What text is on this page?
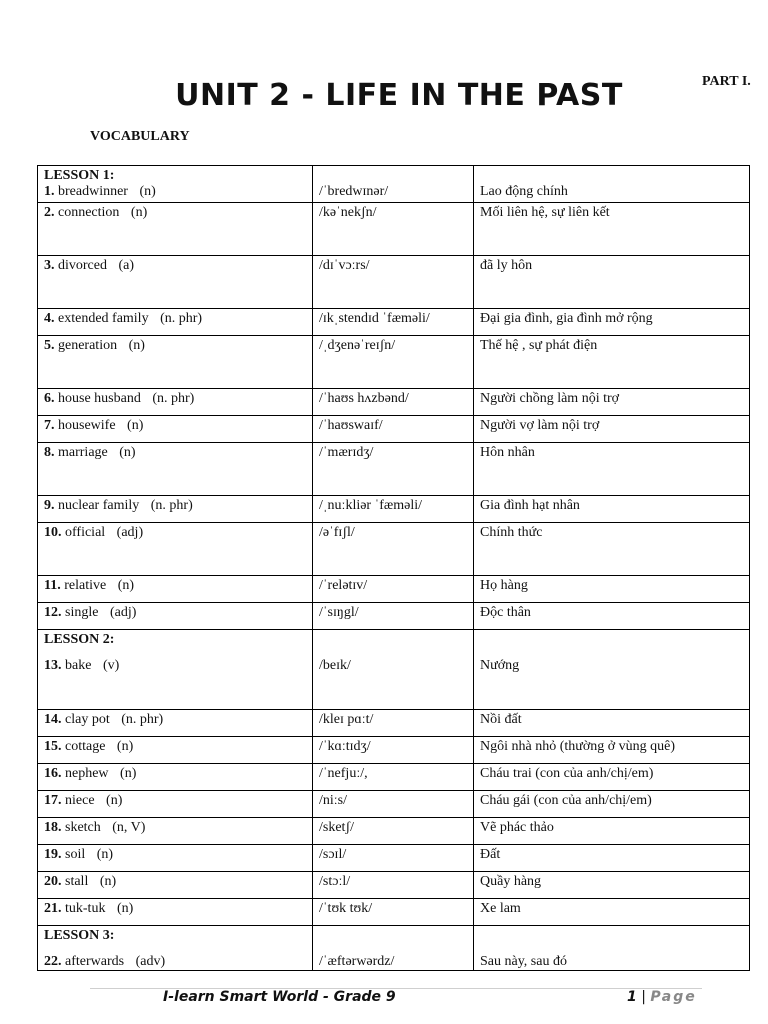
PART I.
UNIT 2 - LIFE IN THE PAST
VOCABULARY
LESSON 1:
1. breadwinner (n)	/ˈbredwɪnər/	Lao động chính

2. connection (n)	/kəˈnekʃn/	Mối liên hệ, sự liên kết

3. divorced (a)	/dɪˈvɔːrs/	đã ly hôn

4. extended family (n. phr)	/ɪkˌstendɪd ˈfæməli/	Đại gia đình, gia đình mở rộng

5. generation (n)	/ˌdʒenəˈreɪʃn/	Thế hệ , sự phát điện

6. house husband (n. phr)	/ˈhaʊs hʌzbənd/	Người chồng làm nội trợ

7. housewife (n)	/ˈhaʊswaɪf/	Người vợ làm nội trợ

8. marriage (n)	/ˈmærɪdʒ/	Hôn nhân

9. nuclear family (n. phr)	/ˌnuːkliər ˈfæməli/	Gia đình hạt nhân

10. official (adj)	/əˈfɪʃl/	Chính thức

11. relative (n)	/ˈrelətɪv/	Họ hàng

12. single (adj)	/ˈsɪŋgl/	Độc thân

LESSON 2:
13. bake (v)	/beɪk/	Nướng

14. clay pot (n. phr)	/kleɪ pɑːt/	Nồi đất

15. cottage (n)	/ˈkɑːtɪdʒ/	Ngôi nhà nhỏ (thường ở vùng quê)

16. nephew (n)	/ˈnefjuː/,	Cháu trai (con của anh/chị/em)

17. niece (n)	/niːs/	Cháu gái (con của anh/chị/em)

18. sketch (n, V)	/sketʃ/	Vẽ phác thảo

19. soil (n)	/sɔɪl/	Đất

20. stall (n)	/stɔːl/	Quầy hàng

21. tuk-tuk (n)	/ˈtʊk tʊk/	Xe lam

LESSON 3:
22. afterwards (adv)	/ˈæftərwərdz/	Sau này, sau đó
I-learn Smart World - Grade 9	1 | Page
